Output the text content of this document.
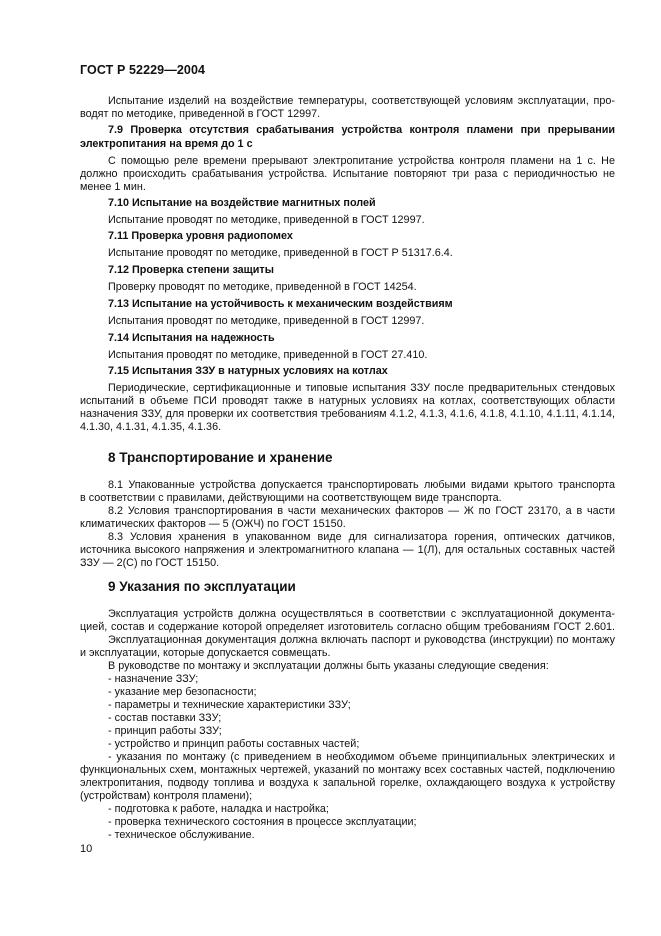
ГОСТ Р 52229—2004
Испытание изделий на воздействие температуры, соответствующей условиям эксплуатации, про-
водят по методике, приведенной в ГОСТ 12997.
7.9 Проверка отсутствия срабатывания устройства контроля пламени при прерывании
электропитания на время до 1 с
С помощью реле времени прерывают электропитание устройства контроля пламени на 1 с. Не
должно происходить срабатывания устройства. Испытание повторяют три раза с периодичностью не
менее 1 мин.
7.10 Испытание на воздействие магнитных полей
Испытание проводят по методике, приведенной в ГОСТ 12997.
7.11 Проверка уровня радиопомех
Испытание проводят по методике, приведенной в ГОСТ Р 51317.6.4.
7.12 Проверка степени защиты
Проверку проводят по методике, приведенной в ГОСТ 14254.
7.13 Испытание на устойчивость к механическим воздействиям
Испытания проводят по методике, приведенной в ГОСТ 12997.
7.14 Испытания на надежность
Испытания проводят по методике, приведенной в ГОСТ 27.410.
7.15 Испытания ЗЗУ в натурных условиях на котлах
Периодические, сертификационные и типовые испытания ЗЗУ после предварительных стендовых
испытаний в объеме ПСИ проводят также в натурных условиях на котлах, соответствующих области
назначения ЗЗУ, для проверки их соответствия требованиям 4.1.2, 4.1.3, 4.1.6, 4.1.8, 4.1.10, 4.1.11, 4.1.14,
4.1.30, 4.1.31, 4.1.35, 4.1.36.
8 Транспортирование и хранение
8.1 Упакованные устройства допускается транспортировать любыми видами крытого транспорта
в соответствии с правилами, действующими на соответствующем виде транспорта.
8.2 Условия транспортирования в части механических факторов — Ж по ГОСТ 23170, а в части
климатических факторов — 5 (ОЖЧ) по ГОСТ 15150.
8.3 Условия хранения в упакованном виде для сигнализатора горения, оптических датчиков,
источника высокого напряжения и электромагнитного клапана — 1(Л), для остальных составных частей
ЗЗУ — 2(С) по ГОСТ 15150.
9 Указания по эксплуатации
Эксплуатация устройств должна осуществляться в соответствии с эксплуатационной документа-
цией, состав и содержание которой определяет изготовитель согласно общим требованиям ГОСТ 2.601.
Эксплуатационная документация должна включать паспорт и руководства (инструкции) по монтажу
и эксплуатации, которые допускается совмещать.
В руководстве по монтажу и эксплуатации должны быть указаны следующие сведения:
- назначение ЗЗУ;
- указание мер безопасности;
- параметры и технические характеристики ЗЗУ;
- состав поставки ЗЗУ;
- принцип работы ЗЗУ;
- устройство и принцип работы составных частей;
- указания по монтажу (с приведением в необходимом объеме принципиальных электрических и
функциональных схем, монтажных чертежей, указаний по монтажу всех составных частей, подключению
электропитания, подводу топлива и воздуха к запальной горелке, охлаждающего воздуха к устройству
(устройствам) контроля пламени);
- подготовка к работе, наладка и настройка;
- проверка технического состояния в процессе эксплуатации;
- техническое обслуживание.
10
